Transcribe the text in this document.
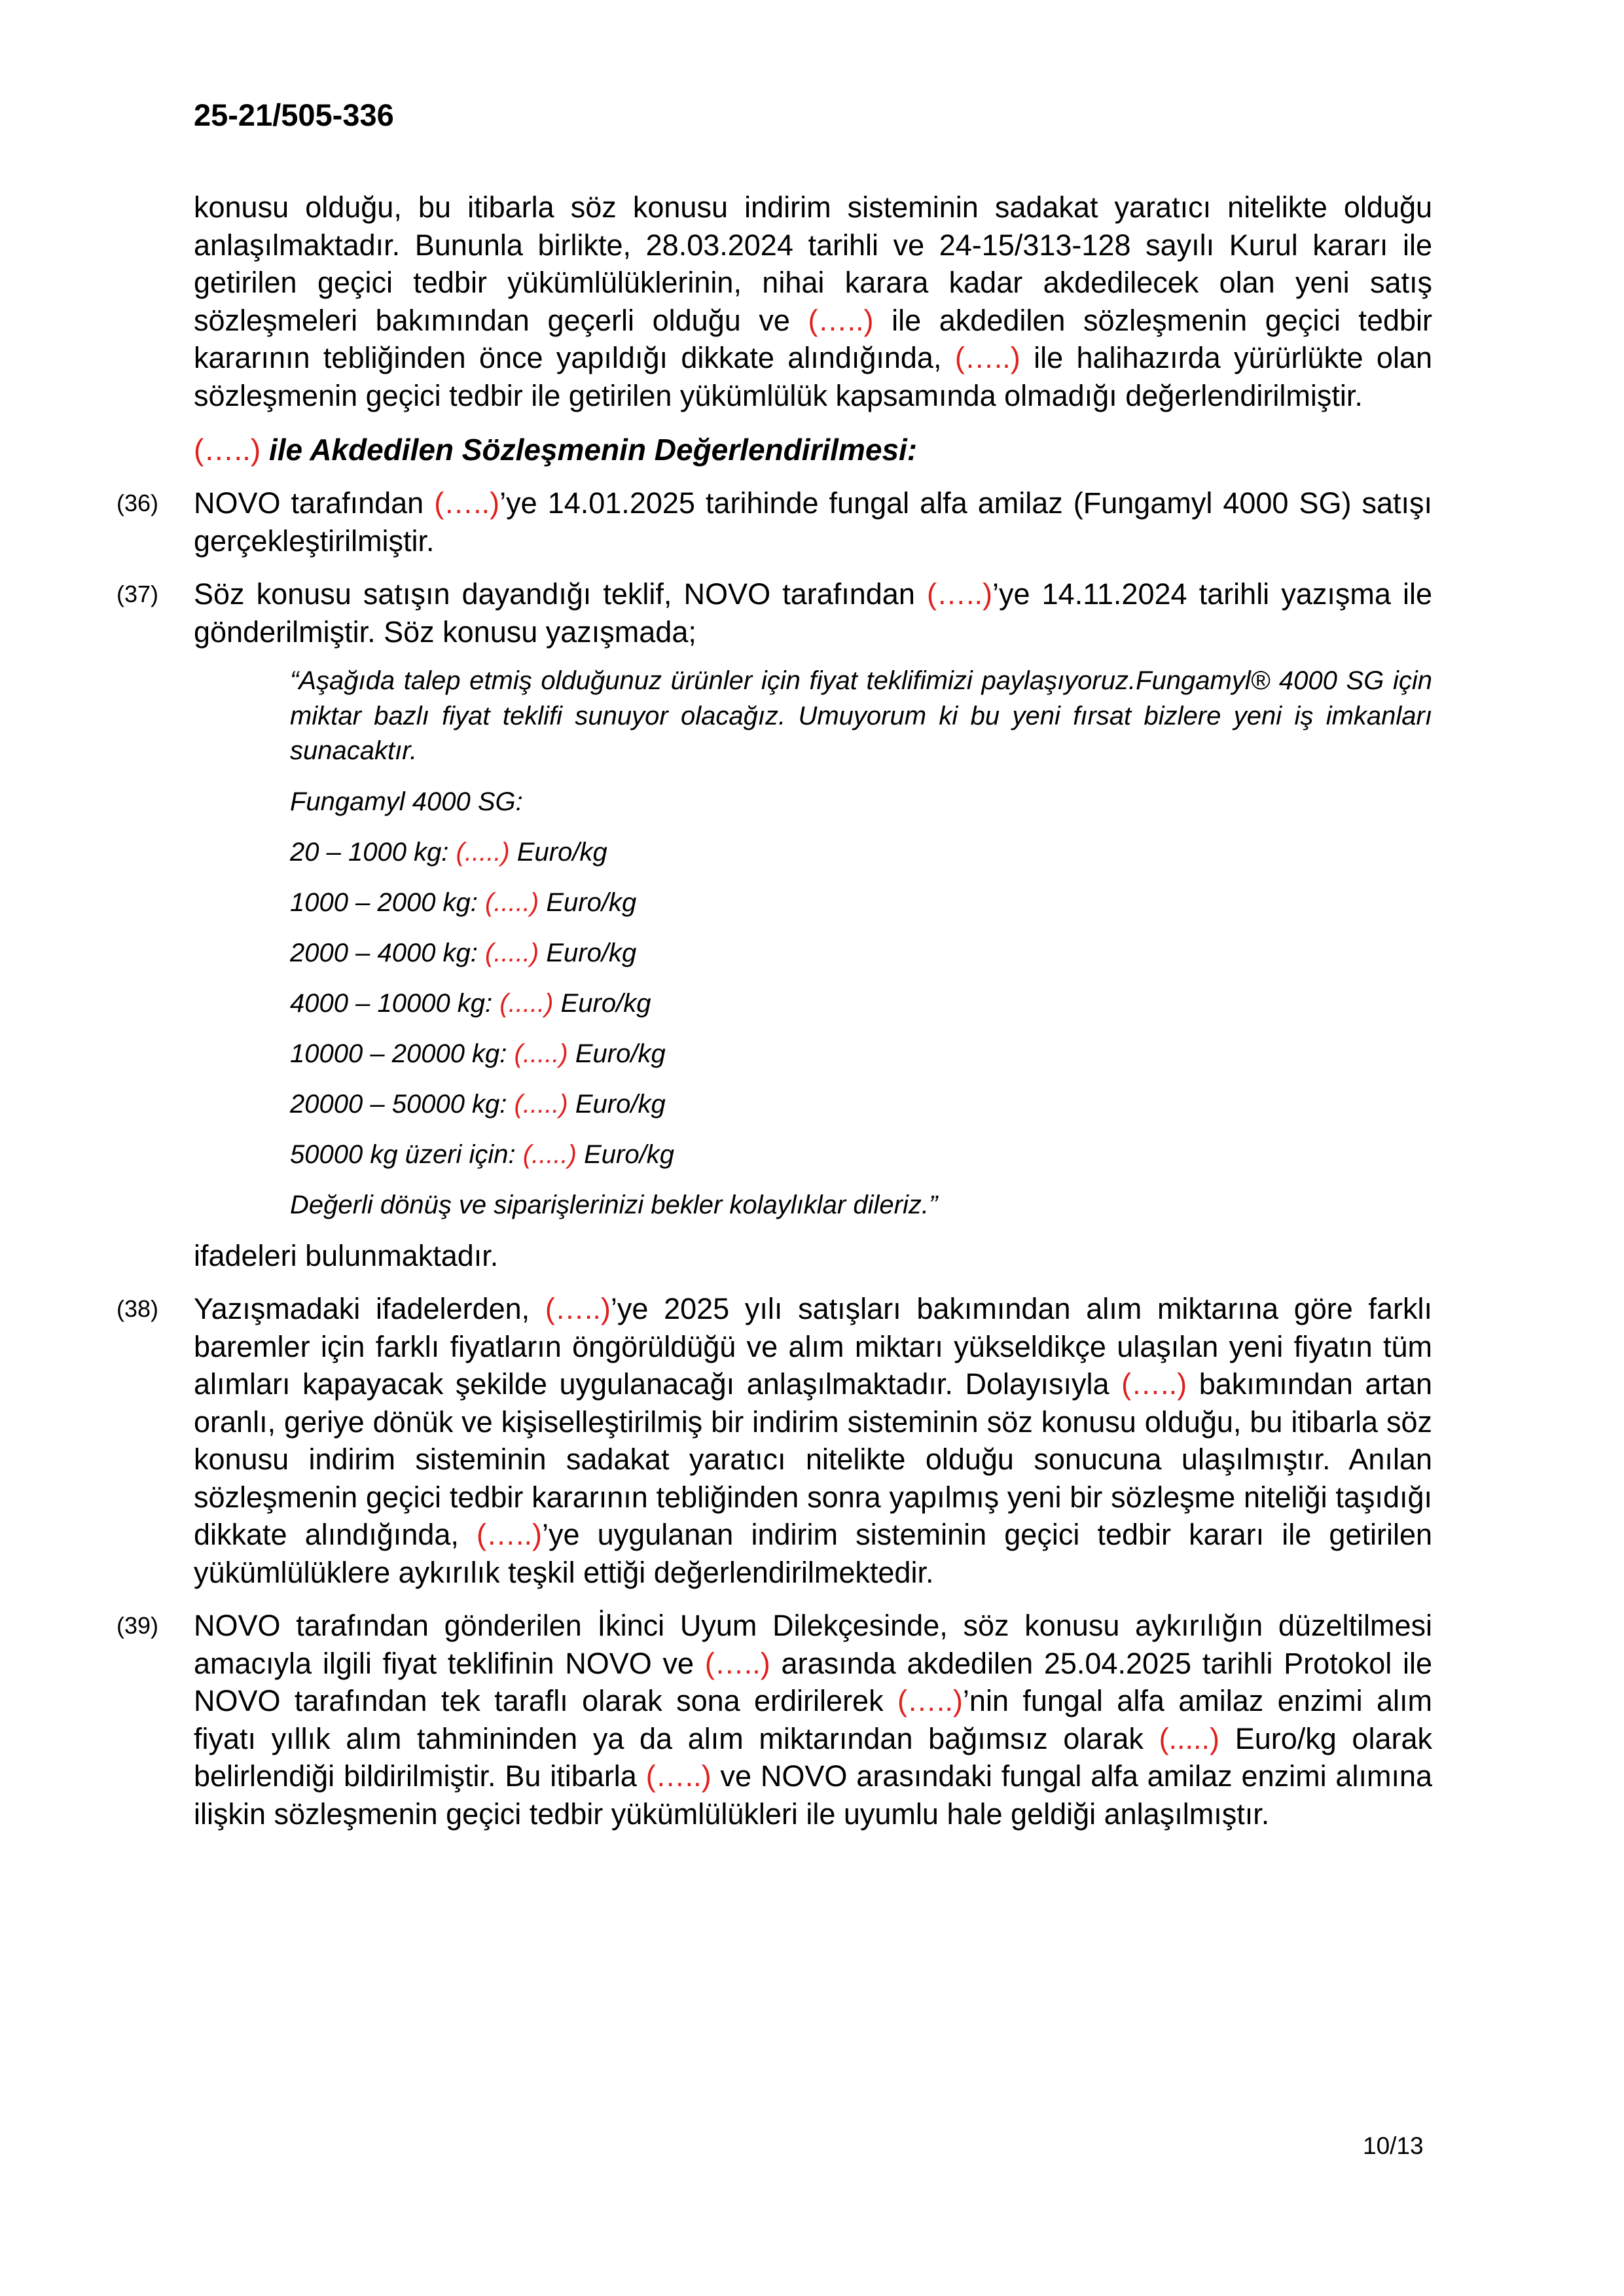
25-21/505-336

konusu olduğu, bu itibarla söz konusu indirim sisteminin sadakat yaratıcı nitelikte olduğu anlaşılmaktadır. Bununla birlikte, 28.03.2024 tarihli ve 24-15/313-128 sayılı Kurul kararı ile getirilen geçici tedbir yükümlülüklerinin, nihai karara kadar akdedilecek olan yeni satış sözleşmeleri bakımından geçerli olduğu ve (…..) ile akdedilen sözleşmenin geçici tedbir kararının tebliğinden önce yapıldığı dikkate alındığında, (…..) ile halihazırda yürürlükte olan sözleşmenin geçici tedbir ile getirilen yükümlülük kapsamında olmadığı değerlendirilmiştir.

(…..) ile Akdedilen Sözleşmenin Değerlendirilmesi:

(36) NOVO tarafından (…..)’ye 14.01.2025 tarihinde fungal alfa amilaz (Fungamyl 4000 SG) satışı gerçekleştirilmiştir.

(37) Söz konusu satışın dayandığı teklif, NOVO tarafından (…..)’ye 14.11.2024 tarihli yazışma ile gönderilmiştir. Söz konusu yazışmada;

“Aşağıda talep etmiş olduğunuz ürünler için fiyat teklifimizi paylaşıyoruz.Fungamyl® 4000 SG için miktar bazlı fiyat teklifi sunuyor olacağız. Umuyorum ki bu yeni fırsat bizlere yeni iş imkanları sunacaktır.

Fungamyl 4000 SG:

20 – 1000 kg: (.....) Euro/kg

1000 – 2000 kg: (.....) Euro/kg

2000 – 4000 kg: (.....) Euro/kg

4000 – 10000 kg: (.....) Euro/kg

10000 – 20000 kg: (.....) Euro/kg

20000 – 50000 kg: (.....) Euro/kg

50000 kg üzeri için: (.....) Euro/kg

Değerli dönüş ve siparişlerinizi bekler kolaylıklar dileriz.”

ifadeleri bulunmaktadır.

(38) Yazışmadaki ifadelerden, (…..)’ye 2025 yılı satışları bakımından alım miktarına göre farklı baremler için farklı fiyatların öngörüldüğü ve alım miktarı yükseldikçe ulaşılan yeni fiyatın tüm alımları kapayacak şekilde uygulanacağı anlaşılmaktadır. Dolayısıyla (…..) bakımından artan oranlı, geriye dönük ve kişiselleştirilmiş bir indirim sisteminin söz konusu olduğu, bu itibarla söz konusu indirim sisteminin sadakat yaratıcı nitelikte olduğu sonucuna ulaşılmıştır. Anılan sözleşmenin geçici tedbir kararının tebliğinden sonra yapılmış yeni bir sözleşme niteliği taşıdığı dikkate alındığında, (…..)’ye uygulanan indirim sisteminin geçici tedbir kararı ile getirilen yükümlülüklere aykırılık teşkil ettiği değerlendirilmektedir.

(39) NOVO tarafından gönderilen İkinci Uyum Dilekçesinde, söz konusu aykırılığın düzeltilmesi amacıyla ilgili fiyat teklifinin NOVO ve (…..) arasında akdedilen 25.04.2025 tarihli Protokol ile NOVO tarafından tek taraflı olarak sona erdirilerek (…..)’nin fungal alfa amilaz enzimi alım fiyatı yıllık alım tahmininden ya da alım miktarından bağımsız olarak (.....) Euro/kg olarak belirlendiği bildirilmiştir. Bu itibarla (…..) ve NOVO arasındaki fungal alfa amilaz enzimi alımına ilişkin sözleşmenin geçici tedbir yükümlülükleri ile uyumlu hale geldiği anlaşılmıştır.

10/13
